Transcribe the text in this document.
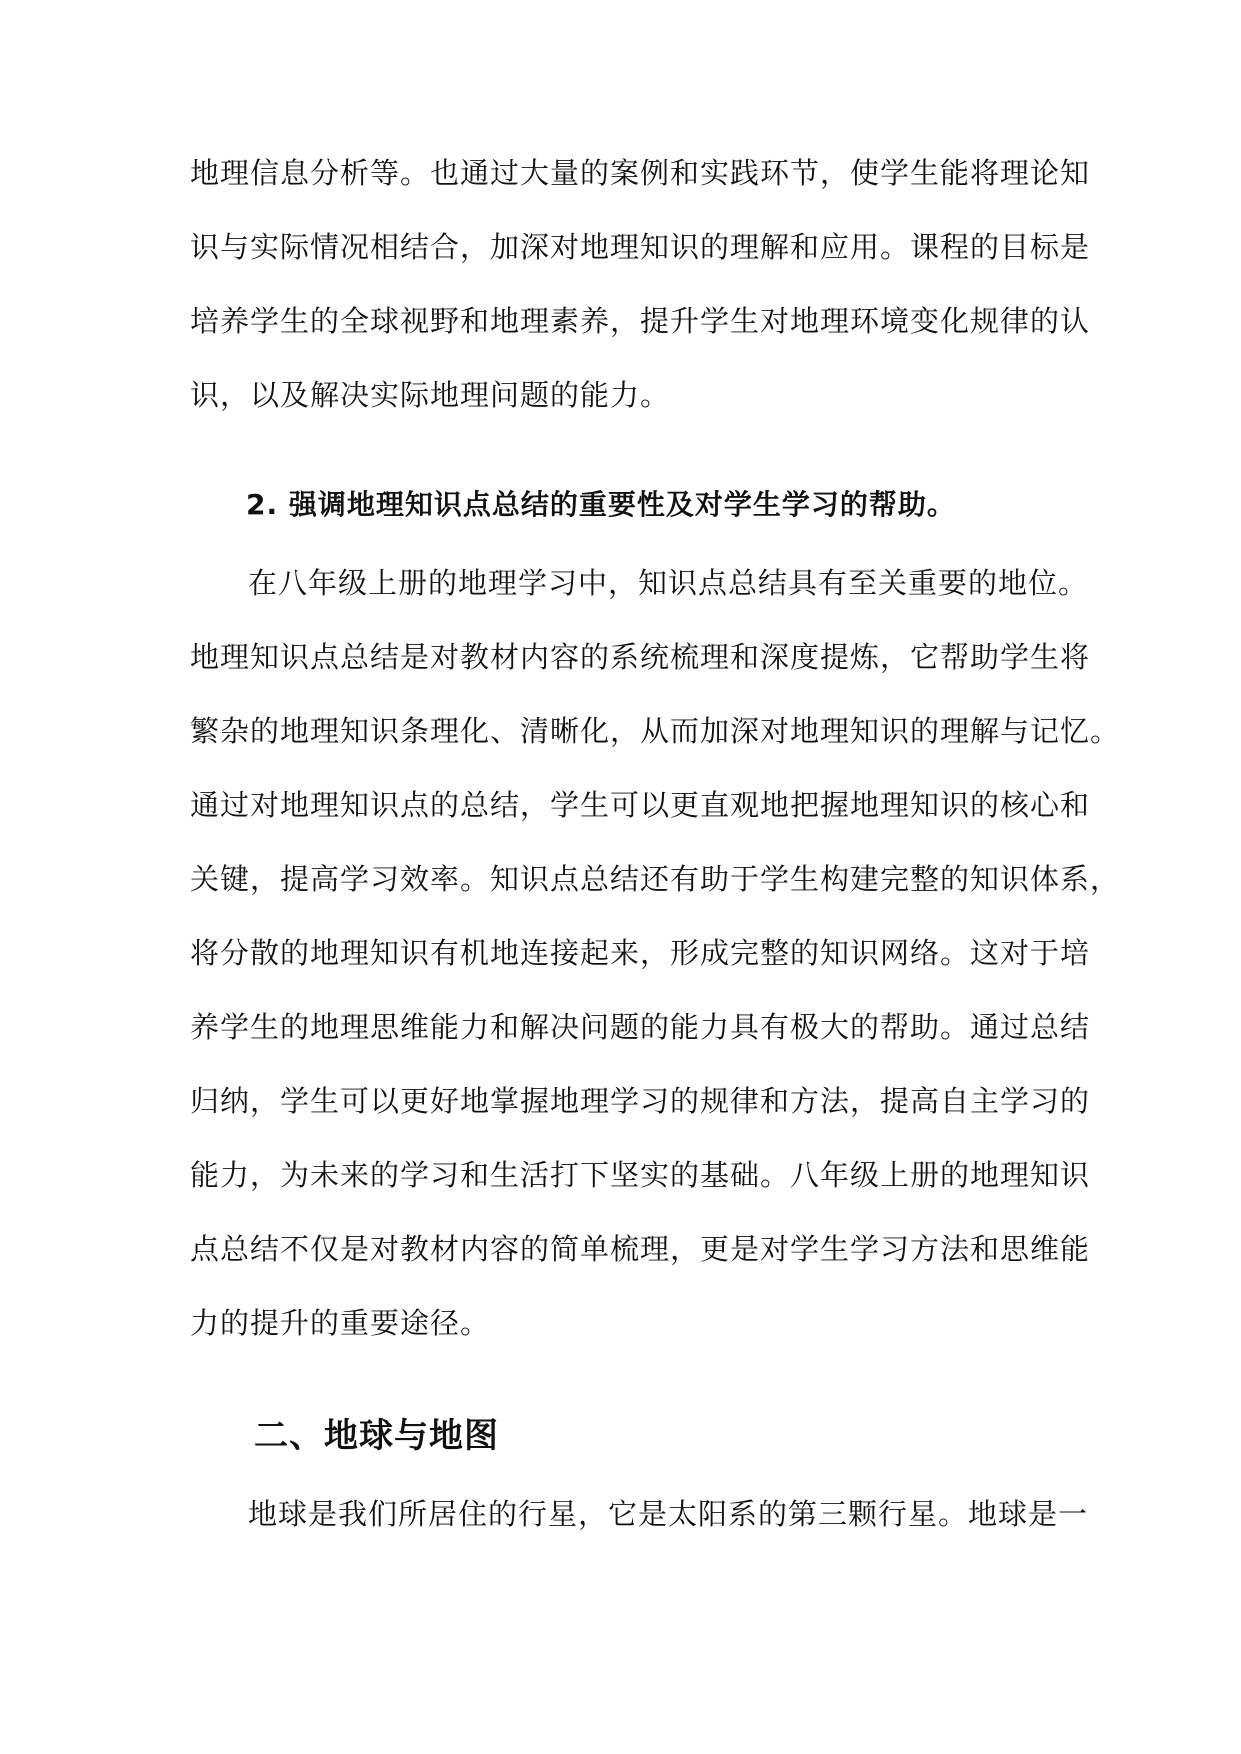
地理信息分析等。也通过大量的案例和实践环节，使学生能将理论知
识与实际情况相结合，加深对地理知识的理解和应用。课程的目标是
培养学生的全球视野和地理素养，提升学生对地理环境变化规律的认
识，以及解决实际地理问题的能力。
2. 强调地理知识点总结的重要性及对学生学习的帮助。
在八年级上册的地理学习中，知识点总结具有至关重要的地位。
地理知识点总结是对教材内容的系统梳理和深度提炼，它帮助学生将
繁杂的地理知识条理化、清晰化，从而加深对地理知识的理解与记忆。
通过对地理知识点的总结，学生可以更直观地把握地理知识的核心和
关键，提高学习效率。知识点总结还有助于学生构建完整的知识体系，
将分散的地理知识有机地连接起来，形成完整的知识网络。这对于培
养学生的地理思维能力和解决问题的能力具有极大的帮助。通过总结
归纳，学生可以更好地掌握地理学习的规律和方法，提高自主学习的
能力，为未来的学习和生活打下坚实的基础。八年级上册的地理知识
点总结不仅是对教材内容的简单梳理，更是对学生学习方法和思维能
力的提升的重要途径。
二、地球与地图
地球是我们所居住的行星，它是太阳系的第三颗行星。地球是一
